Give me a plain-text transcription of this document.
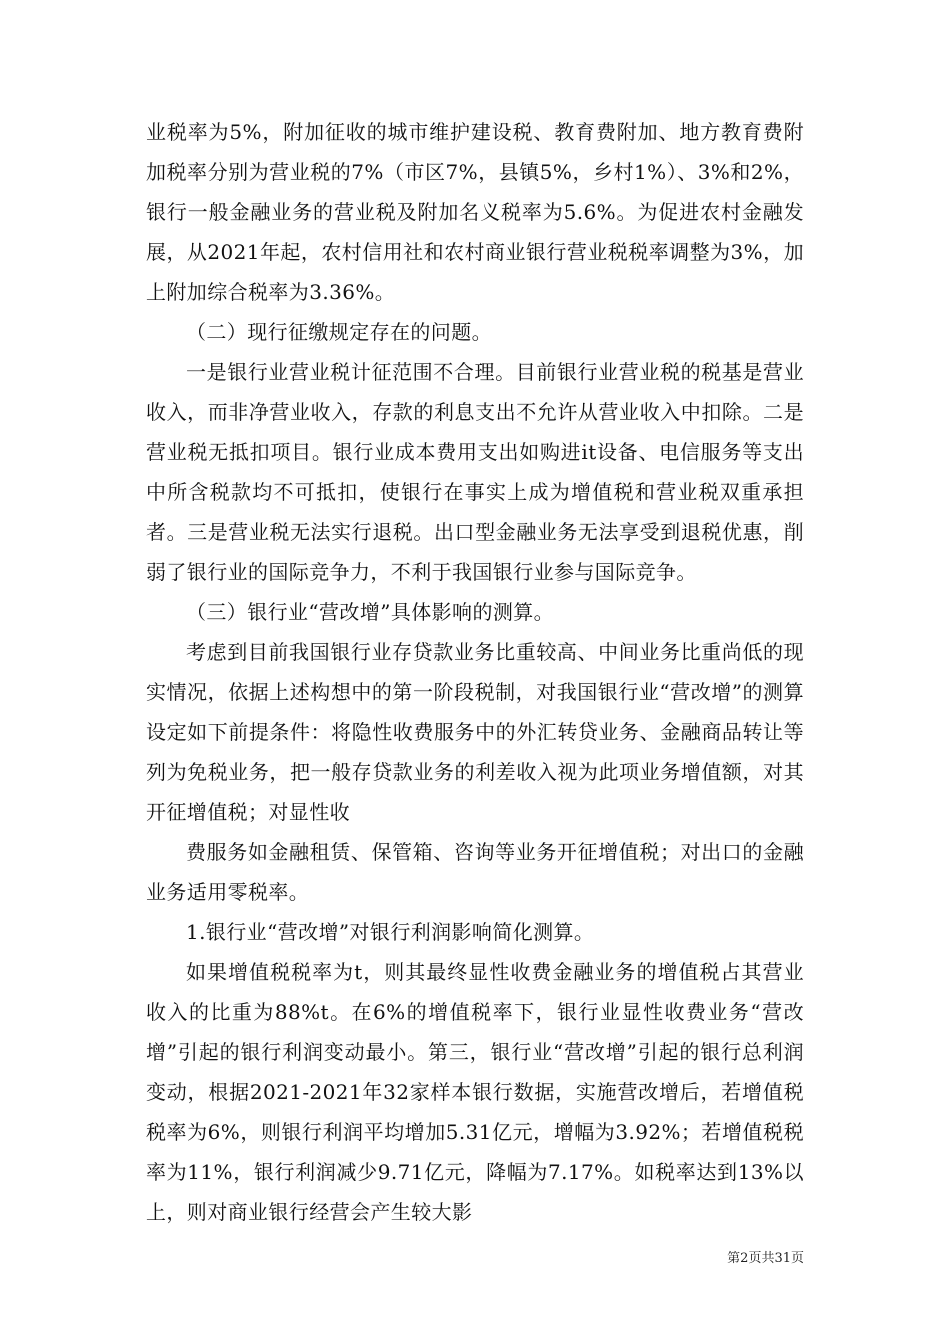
业税率为5%，附加征收的城市维护建设税、教育费附加、地方教育费附加税率分别为营业税的7%（市区7%，县镇5%，乡村1%）、3%和2%，银行一般金融业务的营业税及附加名义税率为5.6%。为促进农村金融发展，从2021年起，农村信用社和农村商业银行营业税税率调整为3%，加上附加综合税率为3.36%。

（二）现行征缴规定存在的问题。

一是银行业营业税计征范围不合理。目前银行业营业税的税基是营业收入，而非净营业收入，存款的利息支出不允许从营业收入中扣除。二是营业税无抵扣项目。银行业成本费用支出如购进it设备、电信服务等支出中所含税款均不可抵扣，使银行在事实上成为增值税和营业税双重承担者。三是营业税无法实行退税。出口型金融业务无法享受到退税优惠，削弱了银行业的国际竞争力，不利于我国银行业参与国际竞争。

（三）银行业“营改增”具体影响的测算。

考虑到目前我国银行业存贷款业务比重较高、中间业务比重尚低的现实情况，依据上述构想中的第一阶段税制，对我国银行业“营改增”的测算设定如下前提条件：将隐性收费服务中的外汇转贷业务、金融商品转让等列为免税业务，把一般存贷款业务的利差收入视为此项业务增值额，对其开征增值税；对显性收

费服务如金融租赁、保管箱、咨询等业务开征增值税；对出口的金融业务适用零税率。

1.银行业“营改增”对银行利润影响简化测算。

如果增值税税率为t，则其最终显性收费金融业务的增值税占其营业收入的比重为88%t。在6%的增值税率下，银行业显性收费业务“营改增”引起的银行利润变动最小。第三，银行业“营改增”引起的银行总利润变动，根据2021-2021年32家样本银行数据，实施营改增后，若增值税税率为6%，则银行利润平均增加5.31亿元，增幅为3.92%；若增值税税率为11%，银行利润减少9.71亿元，降幅为7.17%。如税率达到13%以上，则对商业银行经营会产生较大影

第2页共31页
